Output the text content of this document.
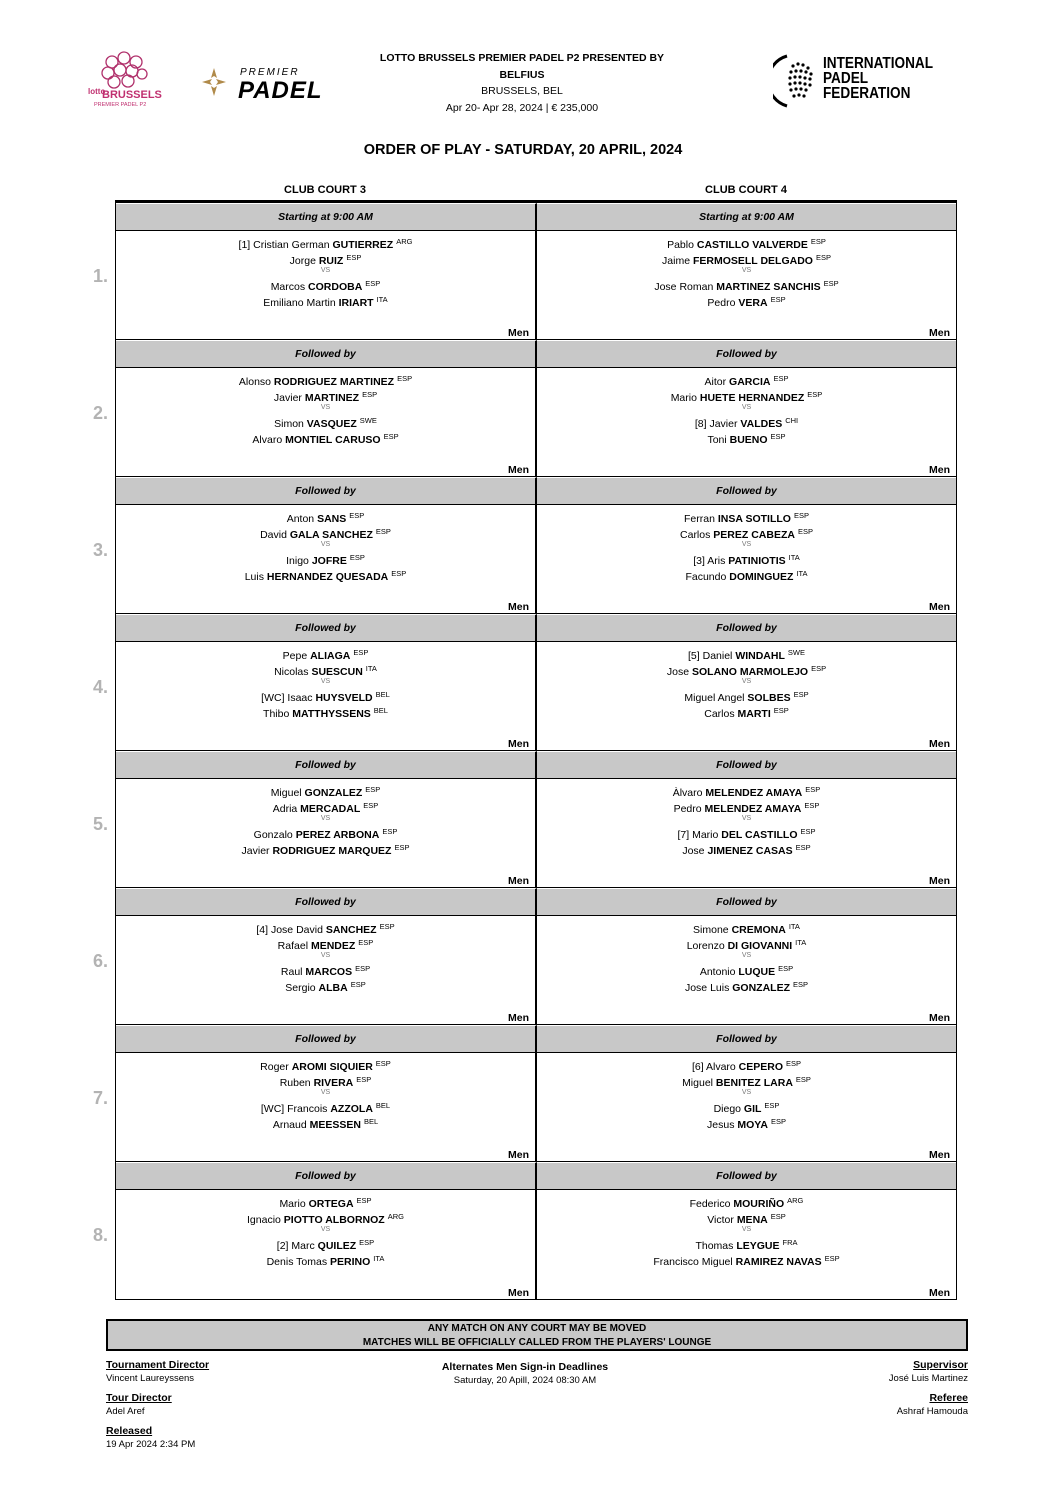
lotto
BRUSSELS
PREMIER PADEL P2
PREMIER
PADEL
LOTTO BRUSSELS PREMIER PADEL P2 PRESENTED BY
BELFIUS
BRUSSELS, BEL
Apr 20- Apr 28, 2024 | € 235,000
INTERNATIONAL
PADEL
FEDERATION
ORDER OF PLAY - SATURDAY, 20 APRIL, 2024
CLUB COURT 3	CLUB COURT 4
Starting at 9:00 AM	Starting at 9:00 AM
[1] Cristian German GUTIERREZ $^{ARG}$
Jorge RUIZ $^{ESP}$
VS
Marcos CORDOBA $^{ESP}$
Emiliano Martin IRIART $^{ITA}$
Men
Pablo CASTILLO VALVERDE $^{ESP}$
Jaime FERMOSELL DELGADO $^{ESP}$
VS
Jose Roman MARTINEZ SANCHIS $^{ESP}$
Pedro VERA $^{ESP}$
Men
Followed by	Followed by
Alonso RODRIGUEZ MARTINEZ $^{ESP}$
Javier MARTINEZ $^{ESP}$
VS
Simon VASQUEZ $^{SWE}$
Alvaro MONTIEL CARUSO $^{ESP}$
Men
Aitor GARCIA $^{ESP}$
Mario HUETE HERNANDEZ $^{ESP}$
VS
[8] Javier VALDES $^{CHI}$
Toni BUENO $^{ESP}$
Men
Followed by	Followed by
Anton SANS $^{ESP}$
David GALA SANCHEZ $^{ESP}$
VS
Inigo JOFRE $^{ESP}$
Luis HERNANDEZ QUESADA $^{ESP}$
Men
Ferran INSA SOTILLO $^{ESP}$
Carlos PEREZ CABEZA $^{ESP}$
VS
[3] Aris PATINIOTIS $^{ITA}$
Facundo DOMINGUEZ $^{ITA}$
Men
Followed by	Followed by
Pepe ALIAGA $^{ESP}$
Nicolas SUESCUN $^{ITA}$
VS
[WC] Isaac HUYSVELD $^{BEL}$
Thibo MATTHYSSENS $^{BEL}$
Men
[5] Daniel WINDAHL $^{SWE}$
Jose SOLANO MARMOLEJO $^{ESP}$
VS
Miguel Angel SOLBES $^{ESP}$
Carlos MARTI $^{ESP}$
Men
Followed by	Followed by
Miguel GONZALEZ $^{ESP}$
Adria MERCADAL $^{ESP}$
VS
Gonzalo PEREZ ARBONA $^{ESP}$
Javier RODRIGUEZ MARQUEZ $^{ESP}$
Men
Àlvaro MELENDEZ AMAYA $^{ESP}$
Pedro MELENDEZ AMAYA $^{ESP}$
VS
[7] Mario DEL CASTILLO $^{ESP}$
Jose JIMENEZ CASAS $^{ESP}$
Men
Followed by	Followed by
[4] Jose David SANCHEZ $^{ESP}$
Rafael MENDEZ $^{ESP}$
VS
Raul MARCOS $^{ESP}$
Sergio ALBA $^{ESP}$
Men
Simone CREMONA $^{ITA}$
Lorenzo DI GIOVANNI $^{ITA}$
VS
Antonio LUQUE $^{ESP}$
Jose Luis GONZALEZ $^{ESP}$
Men
Followed by	Followed by
Roger AROMI SIQUIER $^{ESP}$
Ruben RIVERA $^{ESP}$
VS
[WC] Francois AZZOLA $^{BEL}$
Arnaud MEESSEN $^{BEL}$
Men
[6] Alvaro CEPERO $^{ESP}$
Miguel BENITEZ LARA $^{ESP}$
VS
Diego GIL $^{ESP}$
Jesus MOYA $^{ESP}$
Men
Followed by	Followed by
Mario ORTEGA $^{ESP}$
Ignacio PIOTTO ALBORNOZ $^{ARG}$
VS
[2] Marc QUILEZ $^{ESP}$
Denis Tomas PERINO $^{ITA}$
Men
Federico MOURIÑO $^{ARG}$
Victor MENA $^{ESP}$
VS
Thomas LEYGUE $^{FRA}$
Francisco Miguel RAMIREZ NAVAS $^{ESP}$
Men
1.
2.
3.
4.
5.
6.
7.
8.
ANY MATCH ON ANY COURT MAY BE MOVED
MATCHES WILL BE OFFICIALLY CALLED FROM THE PLAYERS' LOUNGE
Tournament Director
Vincent Laureyssens
Tour Director
Adel Aref
Released
19 Apr 2024 2:34 PM
Alternates Men Sign-in Deadlines
Saturday, 20 Apill, 2024 08:30 AM
Supervisor
José Luis Martinez
Referee
Ashraf Hamouda
